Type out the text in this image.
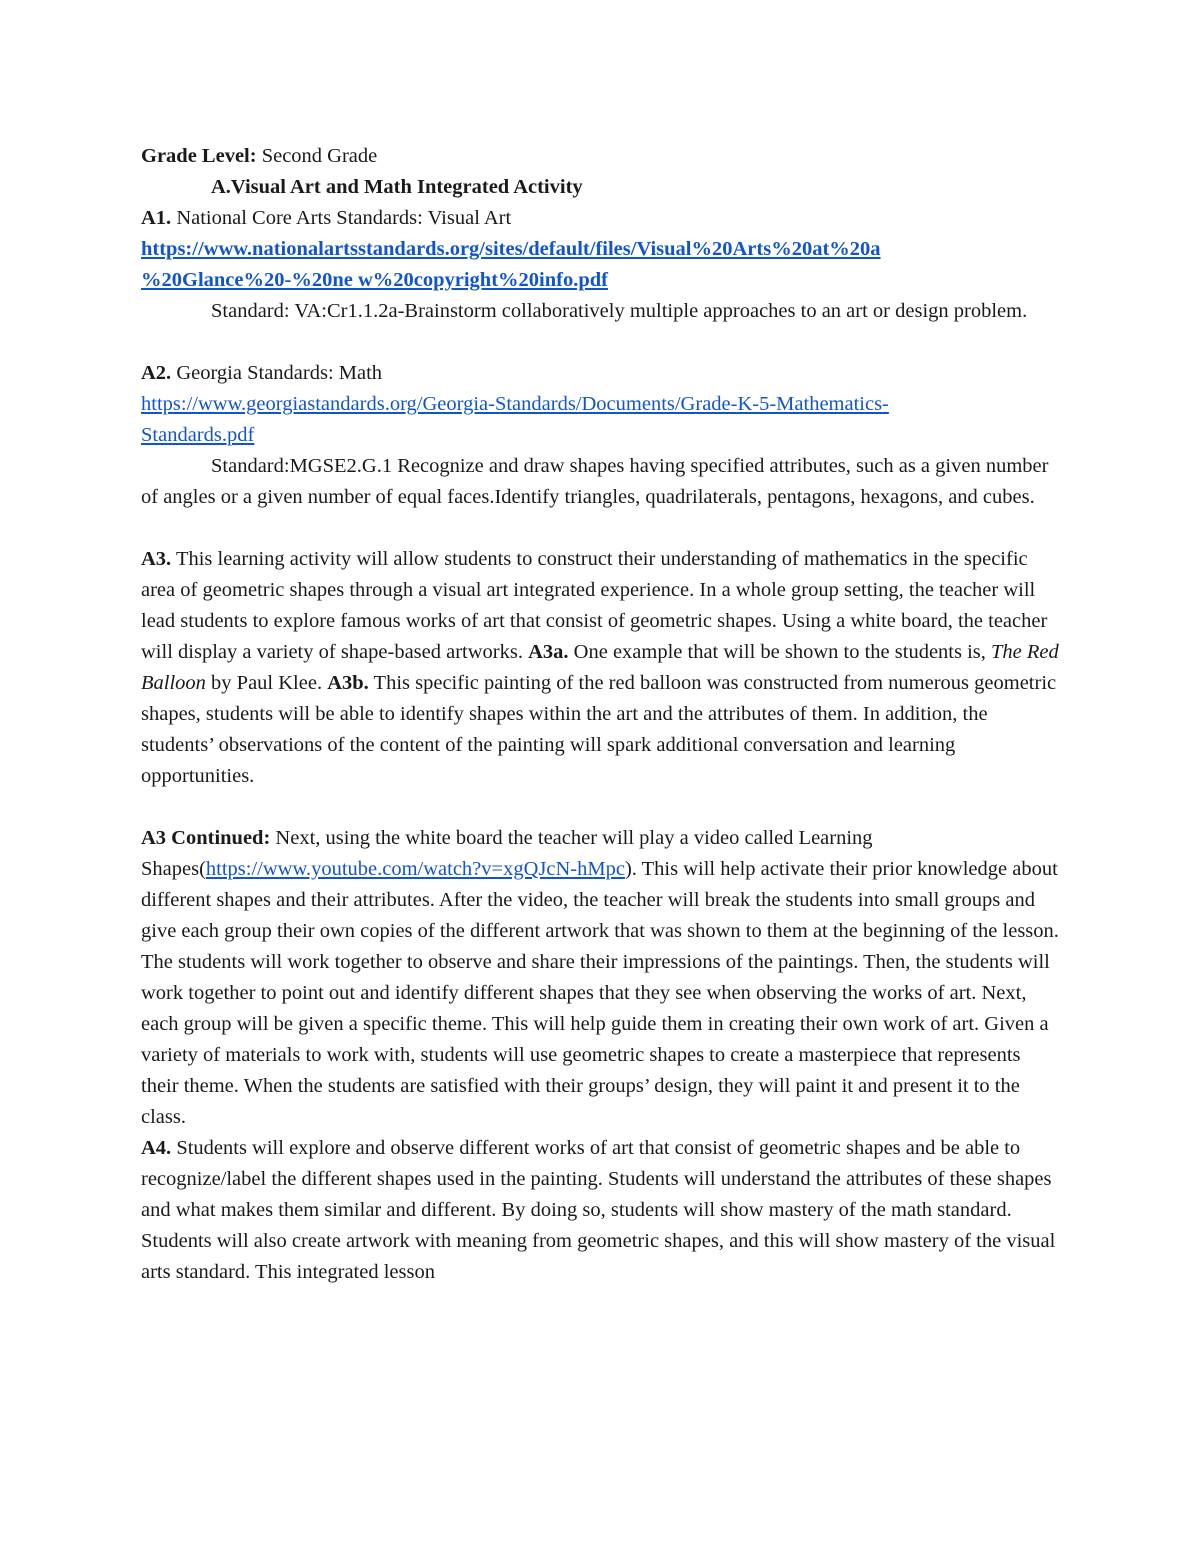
Grade Level: Second Grade

A.Visual Art and Math Integrated Activity

A1. National Core Arts Standards: Visual Art

https://www.nationalartsstandards.org/sites/default/files/Visual%20Arts%20at%20a

%20Glance%20-%20ne w%20copyright%20info.pdf

Standard: VA:Cr1.1.2a-Brainstorm collaboratively multiple approaches to an art or design problem.

A2. Georgia Standards: Math

https://www.georgiastandards.org/Georgia-Standards/Documents/Grade-K-5-Mathematics-

Standards.pdf

Standard:MGSE2.G.1 Recognize and draw shapes having specified attributes, such as a given number of angles or a given number of equal faces.Identify triangles, quadrilaterals, pentagons, hexagons, and cubes.

A3. This learning activity will allow students to construct their understanding of mathematics in the specific area of geometric shapes through a visual art integrated experience. In a whole group setting, the teacher will lead students to explore famous works of art that consist of geometric shapes. Using a white board, the teacher will display a variety of shape-based artworks. A3a. One example that will be shown to the students is, The Red Balloon by Paul Klee. A3b. This specific painting of the red balloon was constructed from numerous geometric shapes, students will be able to identify shapes within the art and the attributes of them. In addition, the students’ observations of the content of the painting will spark additional conversation and learning opportunities.

A3 Continued: Next, using the white board the teacher will play a video called Learning Shapes(https://www.youtube.com/watch?v=xgQJcN-hMpc). This will help activate their prior knowledge about different shapes and their attributes. After the video, the teacher will break the students into small groups and give each group their own copies of the different artwork that was shown to them at the beginning of the lesson. The students will work together to observe and share their impressions of the paintings. Then, the students will work together to point out and identify different shapes that they see when observing the works of art. Next, each group will be given a specific theme. This will help guide them in creating their own work of art. Given a variety of materials to work with, students will use geometric shapes to create a masterpiece that represents their theme. When the students are satisfied with their groups’ design, they will paint it and present it to the class.

A4. Students will explore and observe different works of art that consist of geometric shapes and be able to recognize/label the different shapes used in the painting. Students will understand the attributes of these shapes and what makes them similar and different. By doing so, students will show mastery of the math standard. Students will also create artwork with meaning from geometric shapes, and this will show mastery of the visual arts standard. This integrated lesson
